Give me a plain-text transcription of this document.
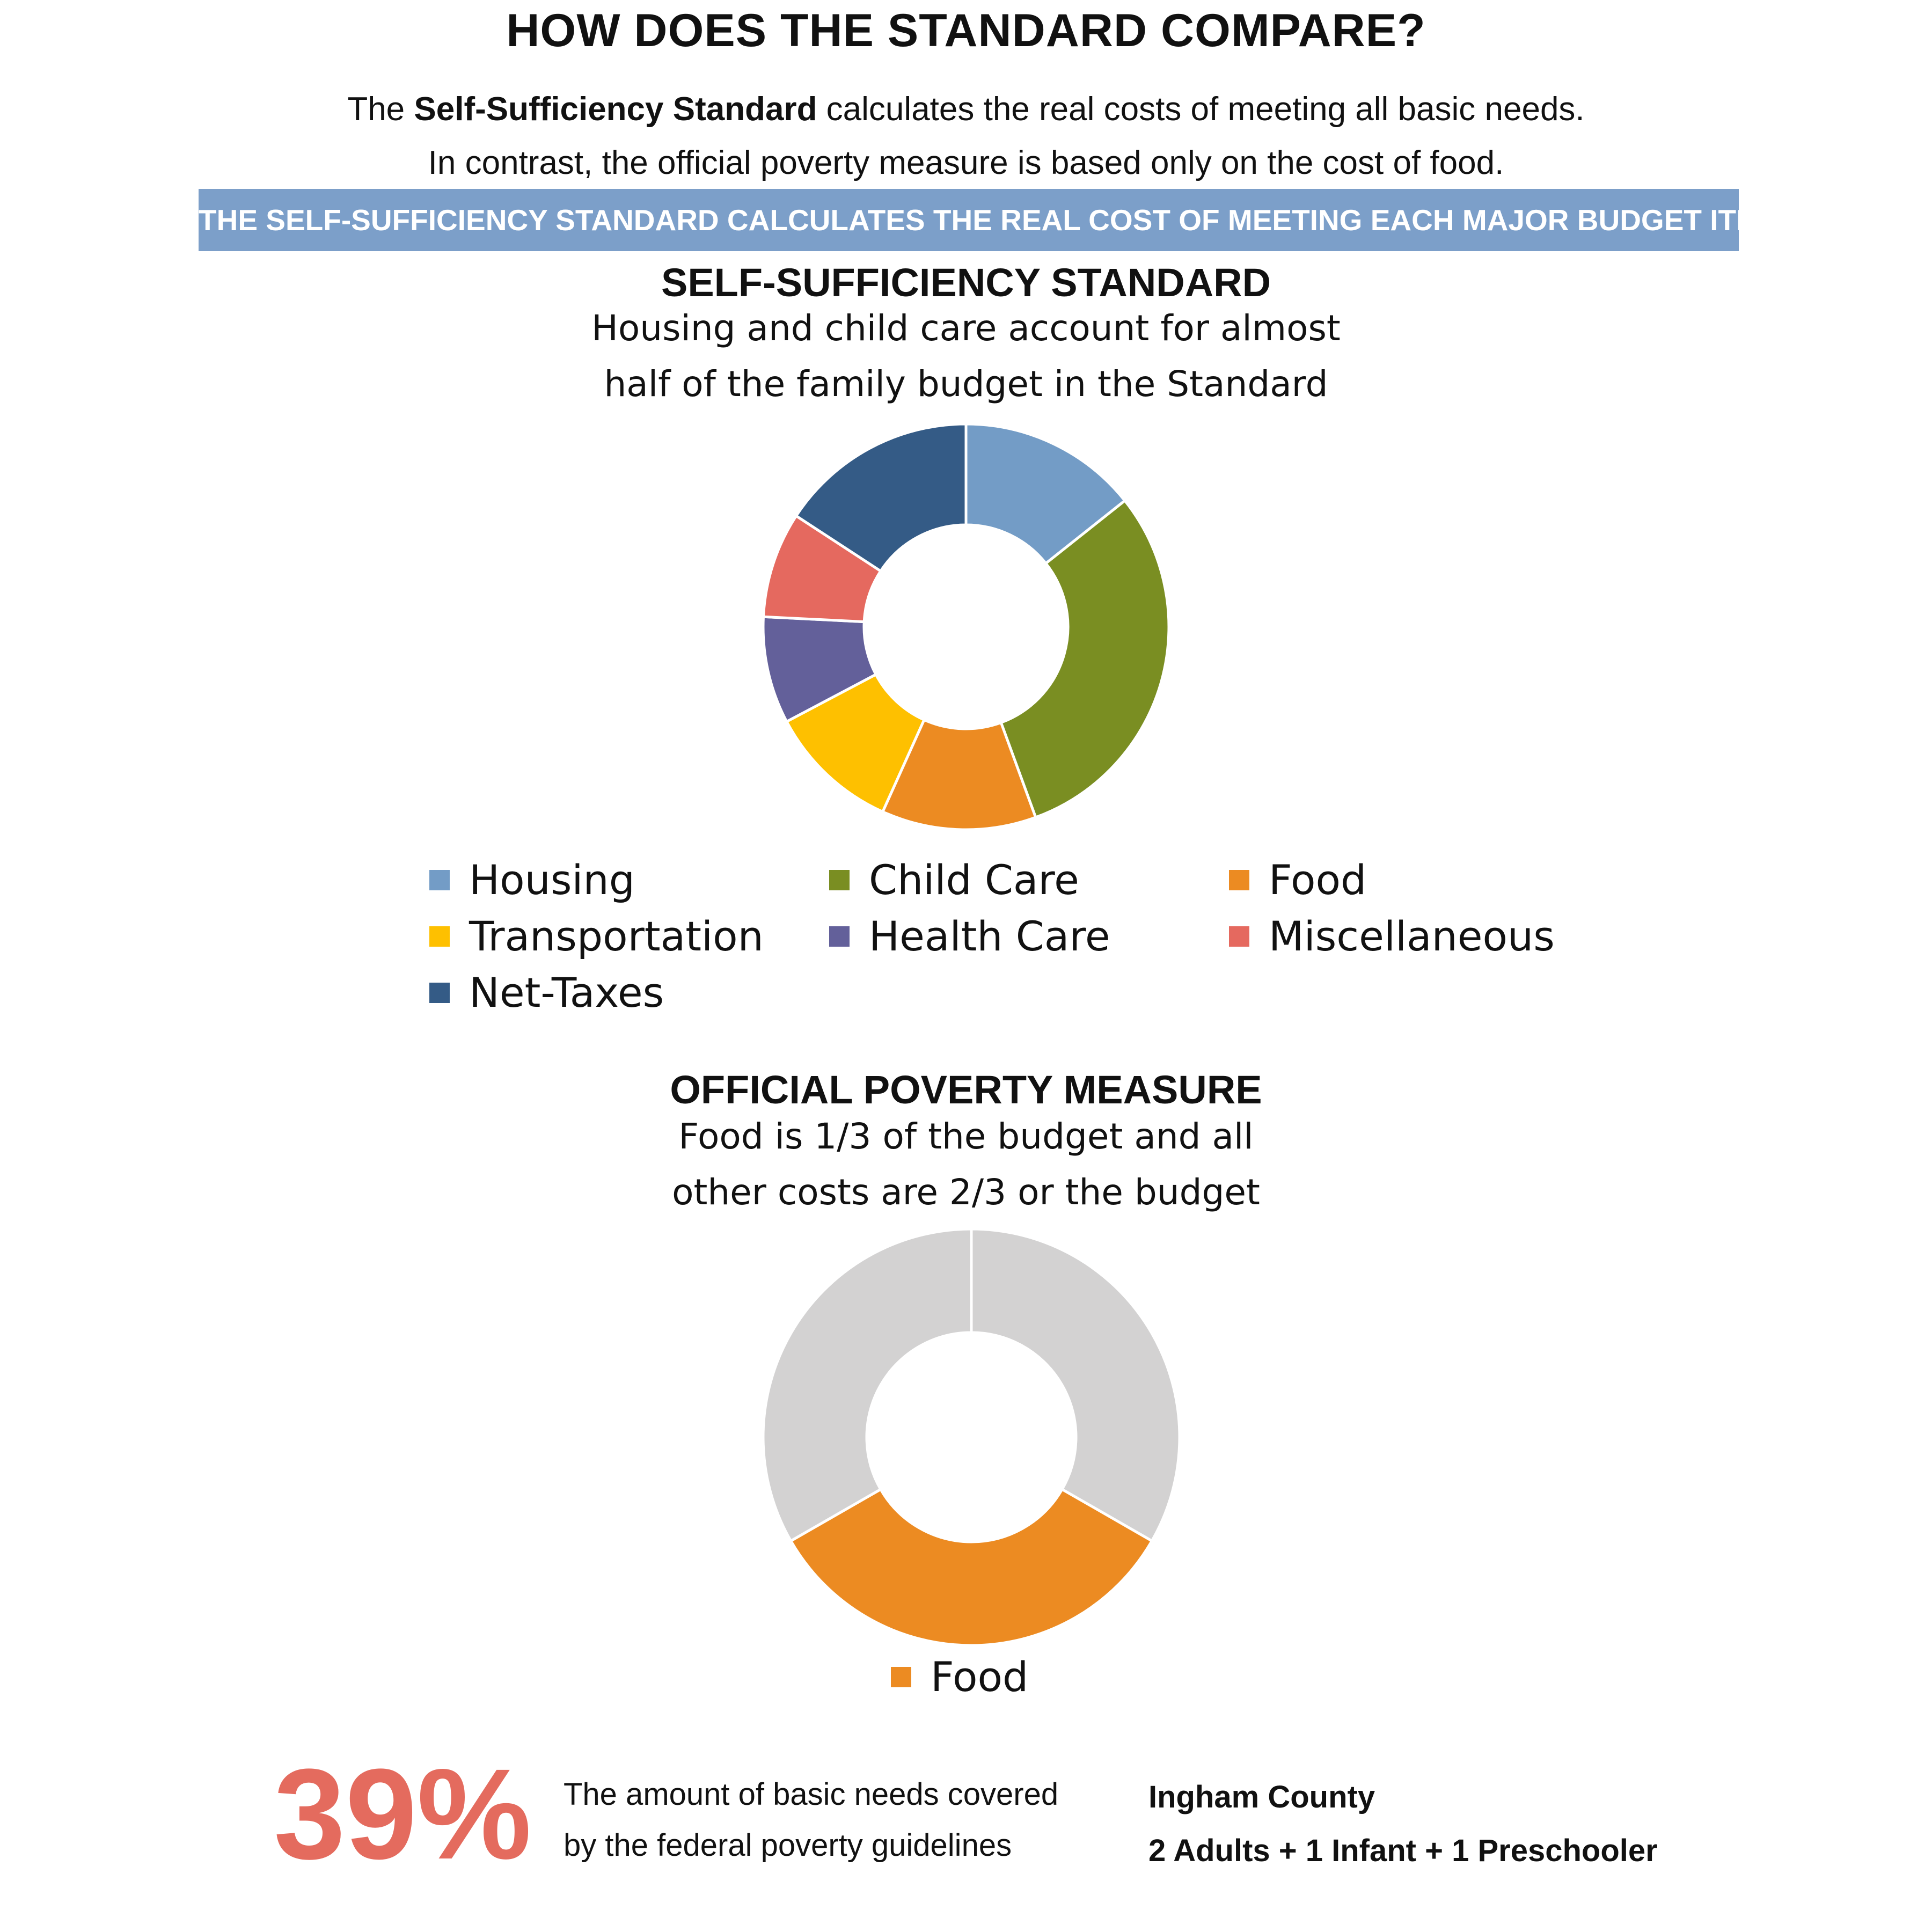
HOW DOES THE STANDARD COMPARE?
The Self-Sufficiency Standard calculates the real costs of meeting all basic needs.
In contrast, the official poverty measure is based only on the cost of food.
THE SELF-SUFFICIENCY STANDARD CALCULATES THE REAL COST OF MEETING EACH MAJOR BUDGET ITEM
SELF-SUFFICIENCY STANDARD
Housing and child care account for almost
half of the family budget in the Standard
Housing	Child Care	Food
Transportation	Health Care	Miscellaneous
Net-Taxes
OFFICIAL POVERTY MEASURE
Food is 1/3 of the budget and all
other costs are 2/3 or the budget
Food
39% The amount of basic needs covered
by the federal poverty guidelines
Ingham County
2 Adults + 1 Infant + 1 Preschooler
